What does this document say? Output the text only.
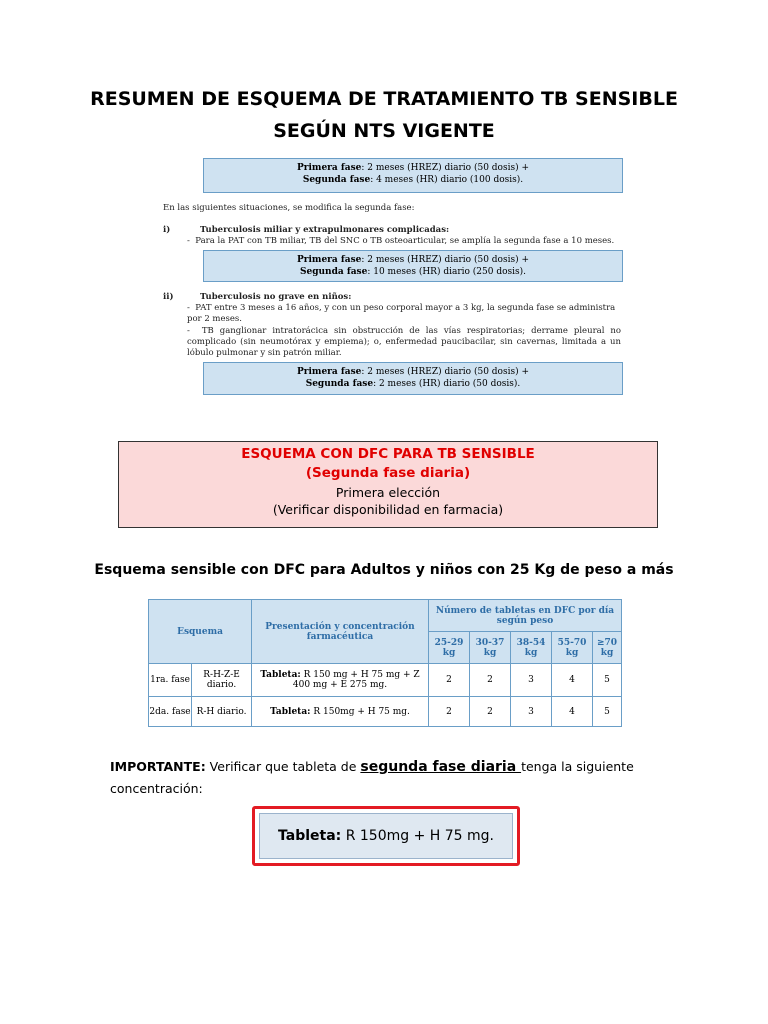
RESUMEN DE ESQUEMA DE TRATAMIENTO TB SENSIBLE
SEGÚN NTS VIGENTE
Primera fase: 2 meses (HREZ) diario (50 dosis) +
Segunda fase: 4 meses (HR) diario (100 dosis).
En las siguientes situaciones, se modifica la segunda fase:
i)	Tuberculosis miliar y extrapulmonares complicadas:
-  Para la PAT con TB miliar, TB del SNC o TB osteoarticular, se amplía la segunda fase a 10 meses.
Primera fase: 2 meses (HREZ) diario (50 dosis) +
Segunda fase: 10 meses (HR) diario (250 dosis).
ii)	Tuberculosis no grave en niños:
-  PAT entre 3 meses a 16 años, y con un peso corporal mayor a 3 kg, la segunda fase se administra por 2 meses.
-  TB ganglionar intratorácica sin obstrucción de las vías respiratorias; derrame pleural no complicado (sin neumotórax y empiema); o, enfermedad paucibacilar, sin cavernas, limitada a un lóbulo pulmonar y sin patrón miliar.
Primera fase: 2 meses (HREZ) diario (50 dosis) +
Segunda fase: 2 meses (HR) diario (50 dosis).
ESQUEMA CON DFC PARA TB SENSIBLE
(Segunda fase diaria)
Primera elección
(Verificar disponibilidad en farmacia)
Esquema sensible con DFC para Adultos y niños con 25 Kg de peso a más
Esquema		Presentación y concentración farmacéutica	Número de tabletas en DFC por día según peso				
			25-29 kg	30-37 kg	38-54 kg	55-70 kg	≥70 kg
1ra. fase	R-H-Z-E diario.	Tableta: R 150 mg + H 75 mg + Z 400 mg + E 275 mg.	2	2	3	4	5
2da. fase	R-H diario.	Tableta: R 150mg + H 75 mg.	2	2	3	4	5
IMPORTANTE: Verificar que tableta de segunda fase diaria tenga la siguiente concentración:
Tableta: R 150mg + H 75 mg.
